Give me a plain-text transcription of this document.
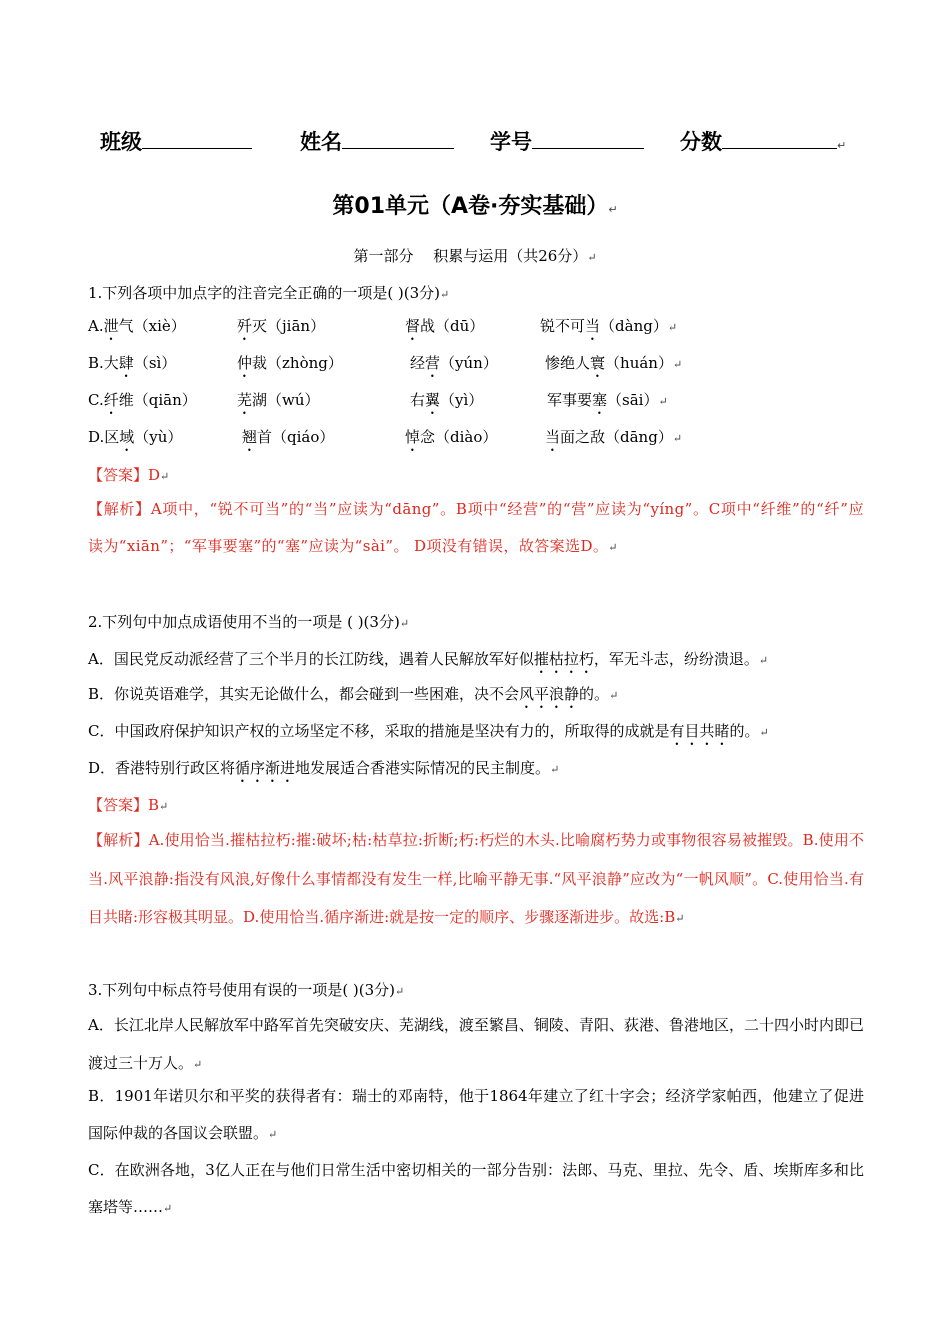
班级	姓名	学号	分数	↵
第01单元（A卷·夯实基础）↵
第一部分　 积累与运用（共26分）↵
1.下列各项中加点字的注音完全正确的一项是( )(3分)↵
A.泄气（xiè）	歼灭（jiān）	督战（dū）	锐不可当（dàng）↵
B.大肆（sì）	仲裁（zhòng）	经营（yún）	惨绝人寰（huán）↵
C.纤维（qiān）	芜湖（wú）	右翼（yì）	军事要塞（sāi）↵
D.区域（yù）	翘首（qiáo）	悼念（diào）	当面之敌（dāng）↵
【答案】D↵
【解析】A项中，“锐不可当”的“当”应读为“dāng”。B项中“经营”的“营”应读为“yíng”。C项中“纤维”的“纤”应读为“xiān”；“军事要塞”的“塞”应读为“sài”。 D项没有错误，故答案选D。↵
2.下列句中加点成语使用不当的一项是 ( )(3分)↵
A．国民党反动派经营了三个半月的长江防线，遇着人民解放军好似摧枯拉朽，军无斗志，纷纷溃退。↵
B．你说英语难学，其实无论做什么，都会碰到一些困难，决不会风平浪静的。↵
C．中国政府保护知识产权的立场坚定不移，采取的措施是坚决有力的，所取得的成就是有目共睹的。↵
D．香港特别行政区将循序渐进地发展适合香港实际情况的民主制度。↵
【答案】B↵
【解析】A.使用恰当.摧枯拉朽:摧:破坏;枯:枯草拉:折断;朽:朽烂的木头.比喻腐朽势力或事物很容易被摧毁。B.使用不当.风平浪静:指没有风浪,好像什么事情都没有发生一样,比喻平静无事.“风平浪静”应改为“一帆风顺”。C.使用恰当.有目共睹:形容极其明显。D.使用恰当.循序渐进:就是按一定的顺序、步骤逐渐进步。故选:B↵
3.下列句中标点符号使用有误的一项是( )(3分)↵
A．长江北岸人民解放军中路军首先突破安庆、芜湖线，渡至繁昌、铜陵、青阳、荻港、鲁港地区，二十四小时内即已渡过三十万人。↵
B．1901年诺贝尔和平奖的获得者有：瑞士的邓南特，他于1864年建立了红十字会；经济学家帕西，他建立了促进国际仲裁的各国议会联盟。↵
C．在欧洲各地，3亿人正在与他们日常生活中密切相关的一部分告别：法郎、马克、里拉、先令、盾、埃斯库多和比塞塔等……↵
